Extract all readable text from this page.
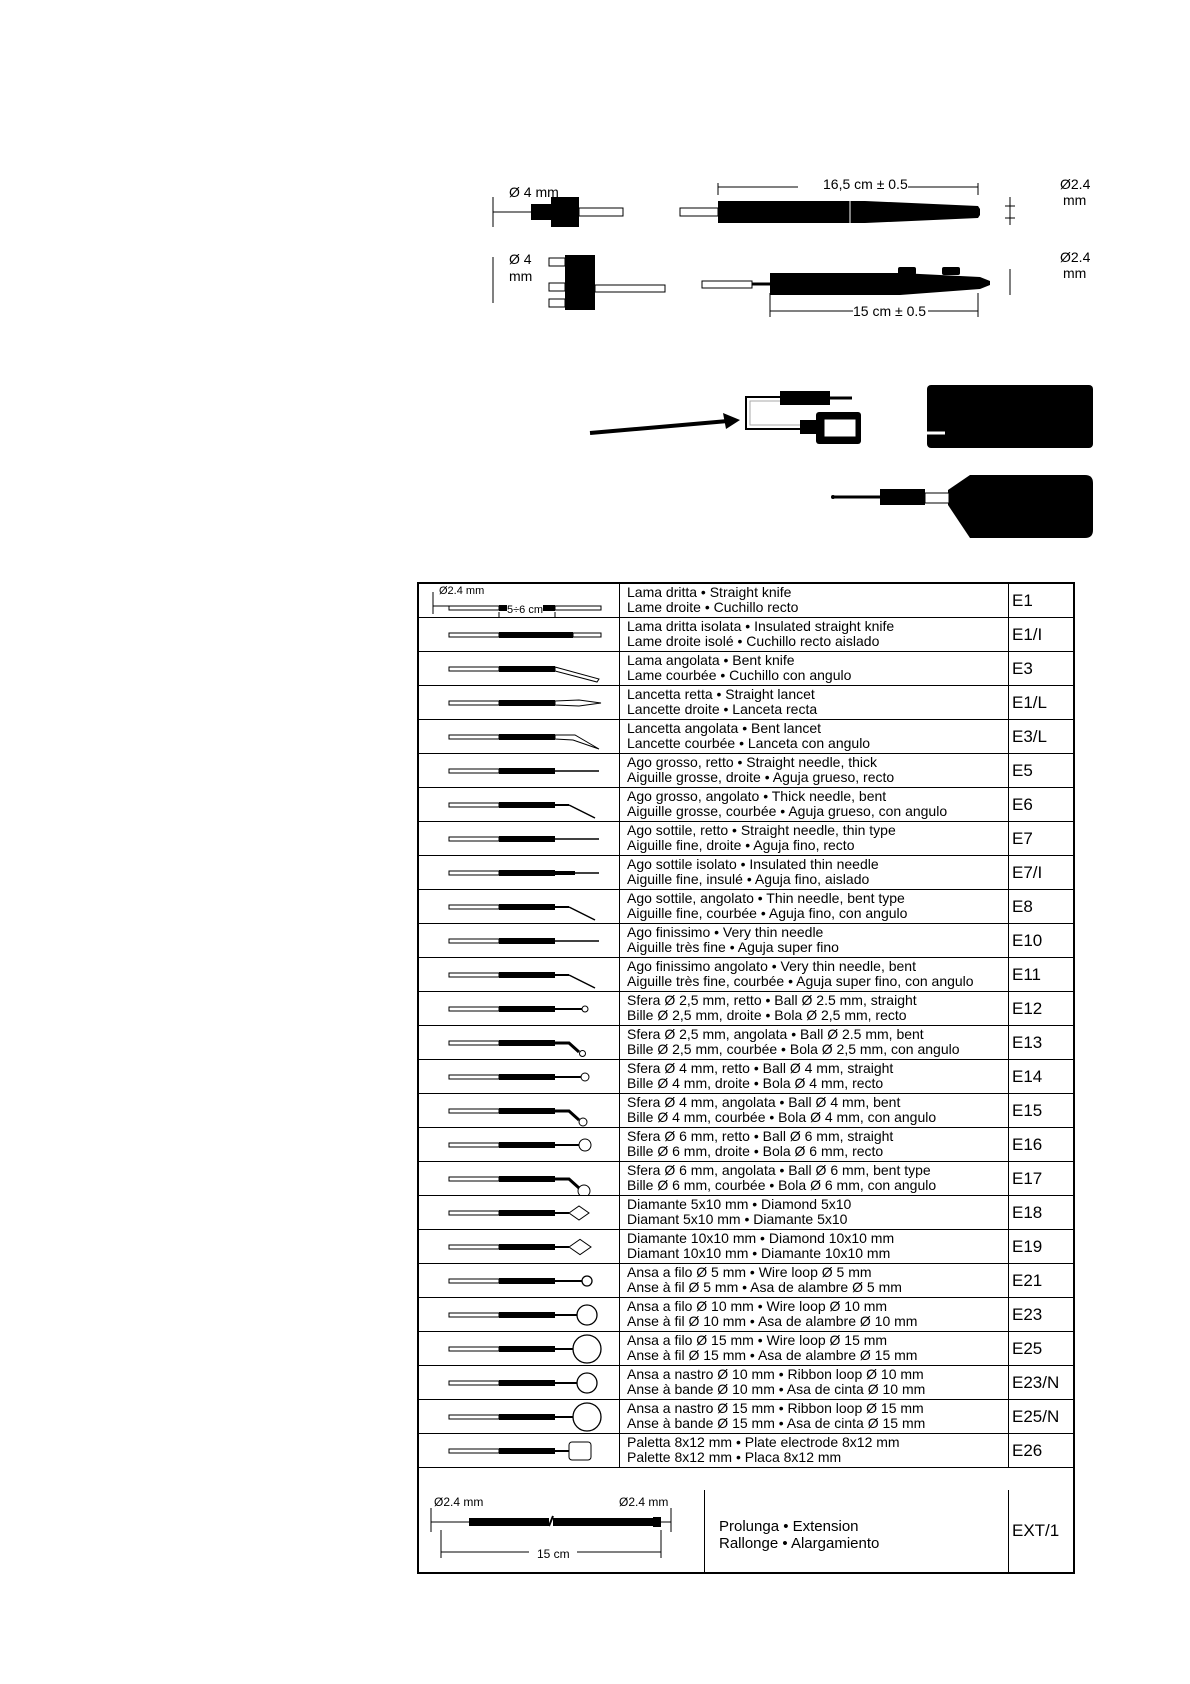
Ø 4 mm	16,5 cm ± 0.5	Ø2.4
mm
Ø 4
mm
15 cm ± 0.5
Ø2.4
mm
Ø2.4 mm
5÷6 cm
Lama dritta • Straight knife
Lame droite • Cuchillo recto	E1
Lama dritta isolata • Insulated straight knife
Lame droite isolé • Cuchillo recto aislado	E1/I
Lama angolata • Bent knife
Lame courbée • Cuchillo con angulo	E3
Lancetta retta • Straight lancet
Lancette droite • Lanceta recta	E1/L
Lancetta angolata • Bent lancet
Lancette courbée • Lanceta con angulo	E3/L
Ago grosso, retto • Straight needle, thick
Aiguille grosse, droite • Aguja grueso, recto	E5
Ago grosso, angolato • Thick needle, bent
Aiguille grosse, courbée • Aguja grueso, con angulo	E6
Ago sottile, retto • Straight needle, thin type
Aiguille fine, droite • Aguja fino, recto	E7
Ago sottile isolato • Insulated thin needle
Aiguille fine, insulé • Aguja fino, aislado	E7/I
Ago sottile, angolato • Thin needle, bent type
Aiguille fine, courbée • Aguja fino, con angulo	E8
Ago finissimo • Very thin needle
Aiguille très fine • Aguja super fino	E10
Ago finissimo angolato • Very thin needle, bent
Aiguille très fine, courbée • Aguja super fino, con angulo	E11
Sfera Ø 2,5 mm, retto • Ball Ø 2.5 mm, straight
Bille Ø 2,5 mm, droite • Bola Ø 2,5 mm, recto	E12
Sfera Ø 2,5 mm, angolata • Ball Ø 2.5 mm, bent
Bille Ø 2,5 mm, courbée • Bola Ø 2,5 mm, con angulo	E13
Sfera Ø 4 mm, retto • Ball Ø 4 mm, straight
Bille Ø 4 mm, droite • Bola Ø 4 mm, recto	E14
Sfera Ø 4 mm, angolata • Ball Ø 4 mm, bent
Bille Ø 4 mm, courbée • Bola Ø 4 mm, con angulo	E15
Sfera Ø 6 mm, retto • Ball Ø 6 mm, straight
Bille Ø 6 mm, droite • Bola Ø 6 mm, recto	E16
Sfera Ø 6 mm, angolata • Ball Ø 6 mm, bent type
Bille Ø 6 mm, courbée • Bola Ø 6 mm, con angulo	E17
Diamante 5x10 mm • Diamond 5x10
Diamant 5x10 mm • Diamante 5x10	E18
Diamante 10x10 mm • Diamond 10x10 mm
Diamant 10x10 mm • Diamante 10x10 mm	E19
Ansa a filo Ø 5 mm • Wire loop Ø 5 mm
Anse à fil Ø 5 mm • Asa de alambre Ø 5 mm	E21
Ansa a filo Ø 10 mm • Wire loop Ø 10 mm
Anse à fil Ø 10 mm • Asa de alambre Ø 10 mm	E23
Ansa a filo Ø 15 mm • Wire loop Ø 15 mm
Anse à fil Ø 15 mm • Asa de alambre Ø 15 mm	E25
Ansa a nastro Ø 10 mm • Ribbon loop Ø 10 mm
Anse à bande Ø 10 mm • Asa de cinta Ø 10 mm	E23/N
Ansa a nastro Ø 15 mm • Ribbon loop Ø 15 mm
Anse à bande Ø 15 mm • Asa de cinta Ø 15 mm	E25/N
Paletta 8x12 mm • Plate electrode 8x12 mm
Palette 8x12 mm • Placa 8x12 mm	E26
Ø2.4 mm	Ø2.4 mm
15 cm
Prolunga • Extension
Rallonge • Alargamiento
EXT/1
